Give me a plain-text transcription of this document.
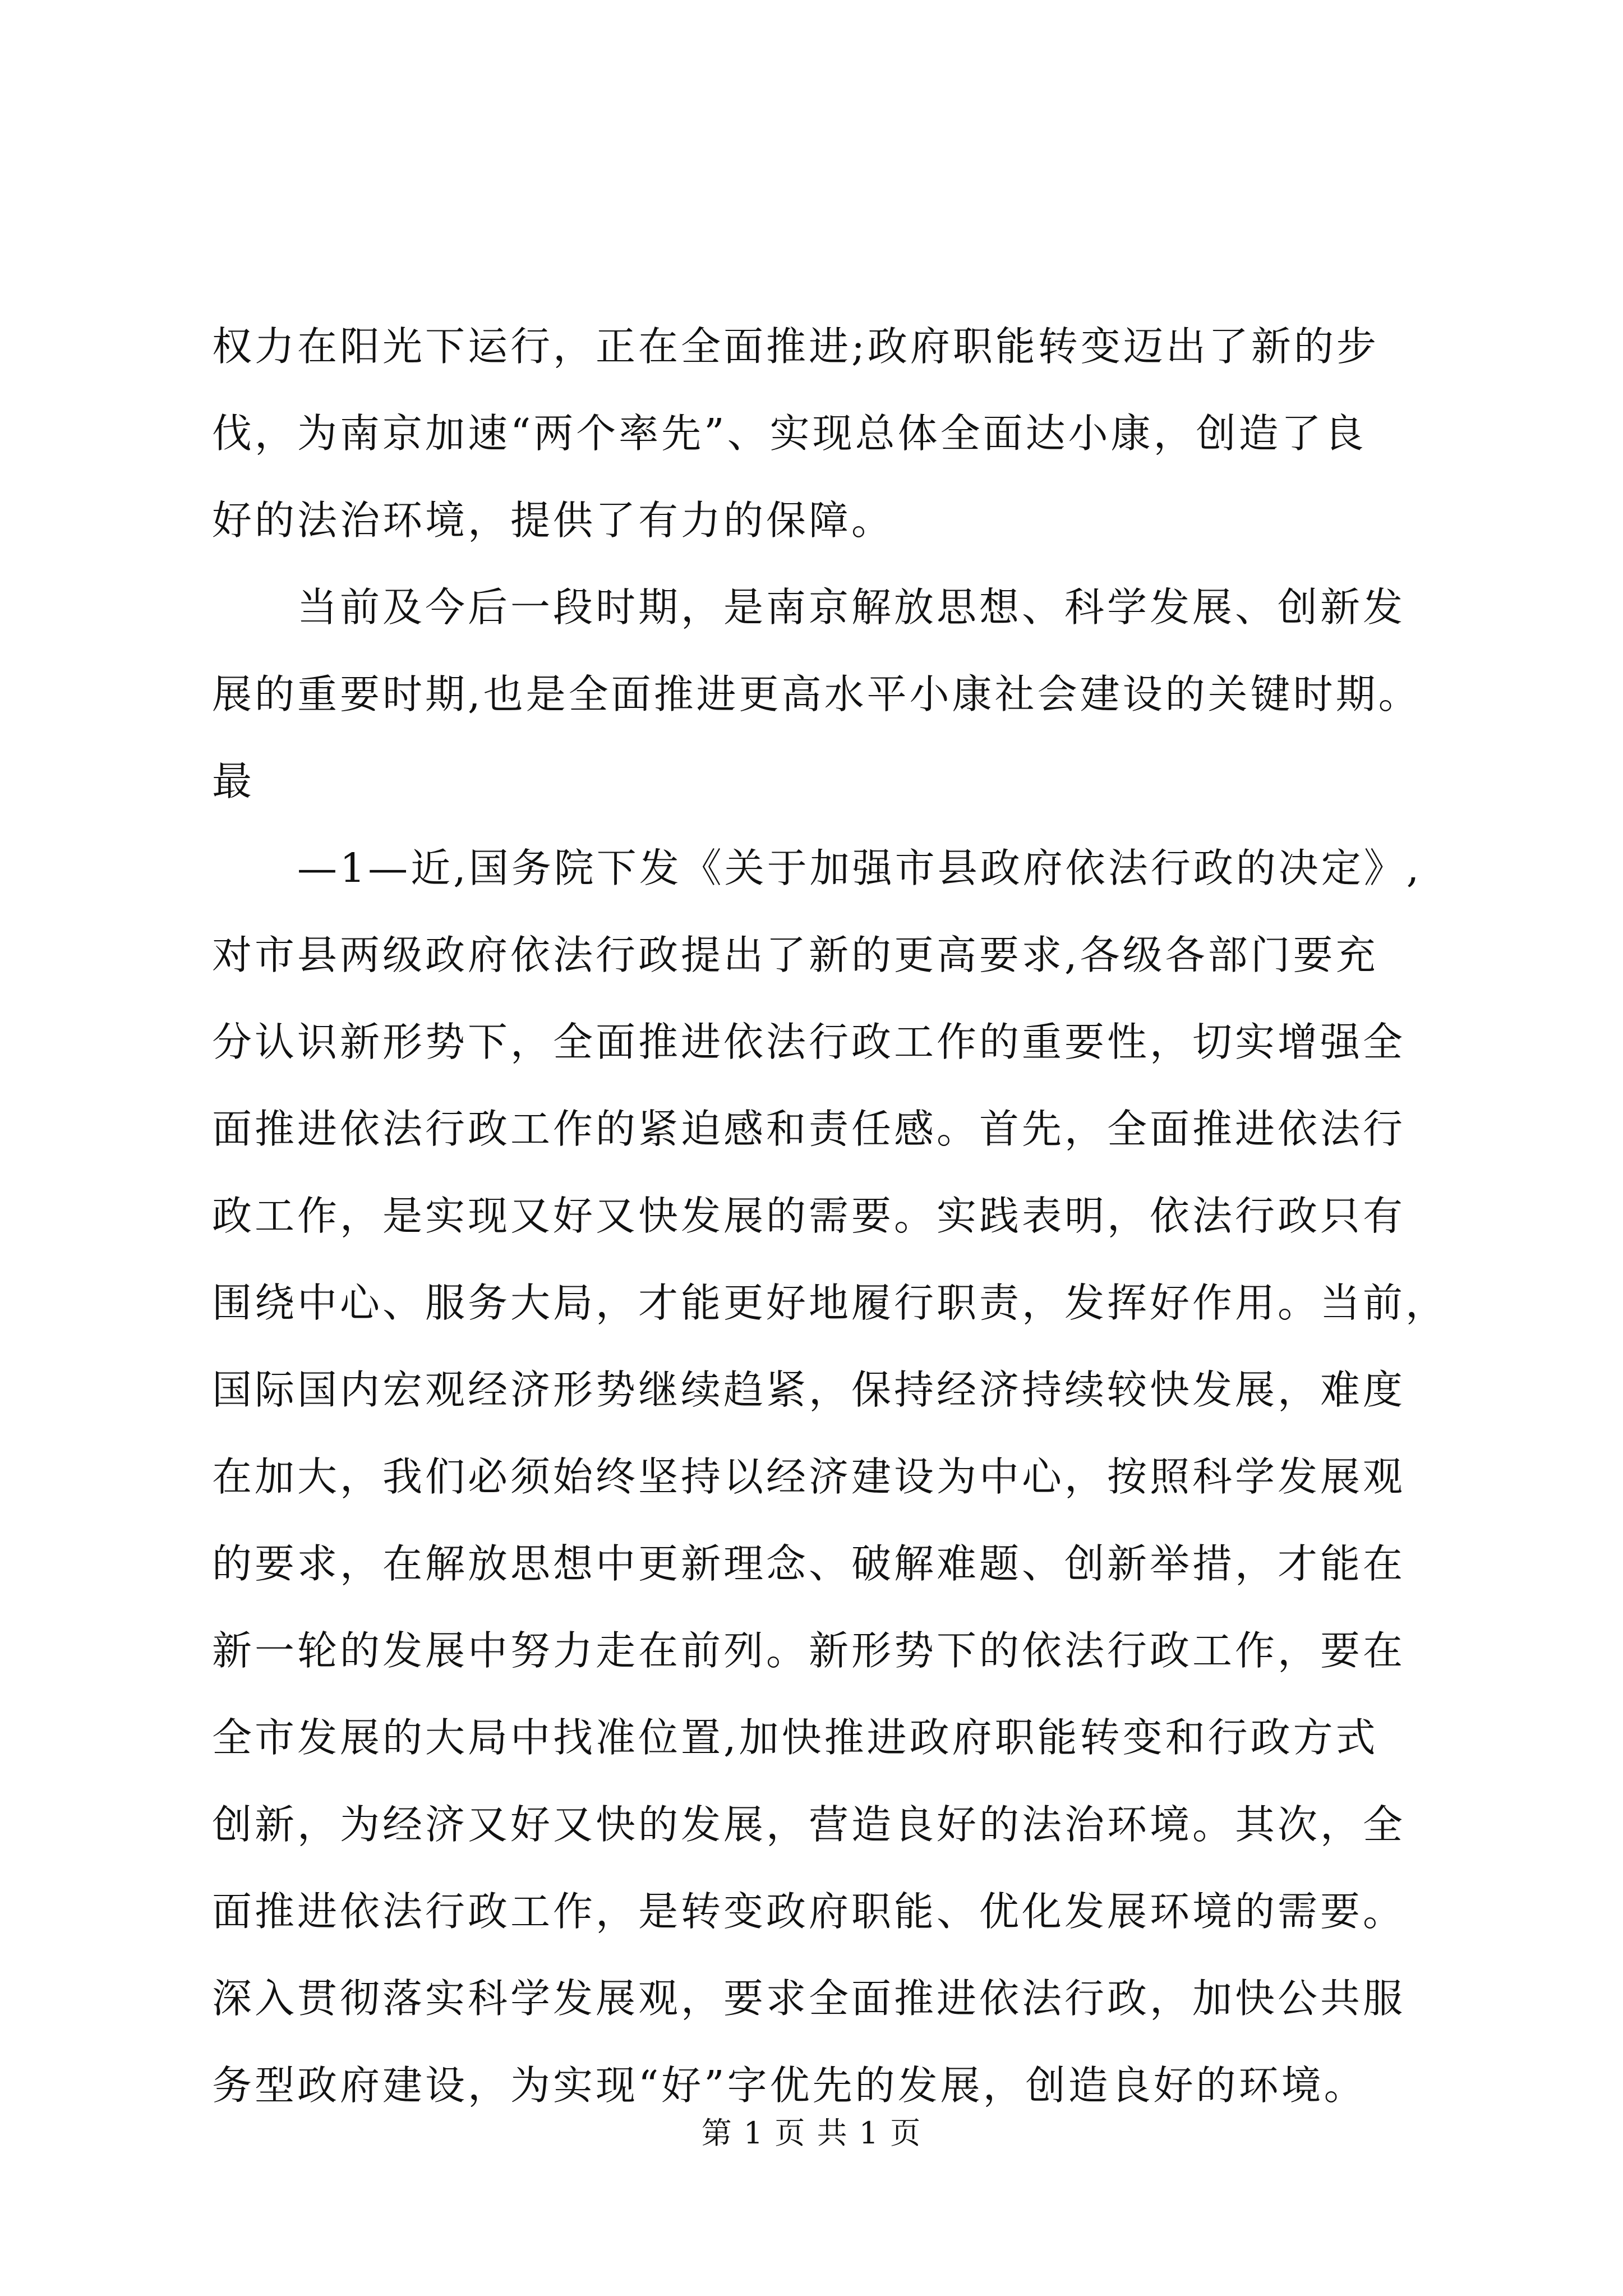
权力在阳光下运行，正在全面推进;政府职能转变迈出了新的步
伐，为南京加速“两个率先”、实现总体全面达小康，创造了良
好的法治环境，提供了有力的保障。
当前及今后一段时期，是南京解放思想、科学发展、创新发
展的重要时期,也是全面推进更高水平小康社会建设的关键时期。
最
—1—近,国务院下发《关于加强市县政府依法行政的决定》,
对市县两级政府依法行政提出了新的更高要求,各级各部门要充
分认识新形势下，全面推进依法行政工作的重要性，切实增强全
面推进依法行政工作的紧迫感和责任感。首先，全面推进依法行
政工作，是实现又好又快发展的需要。实践表明，依法行政只有
围绕中心、服务大局，才能更好地履行职责，发挥好作用。当前，
国际国内宏观经济形势继续趋紧，保持经济持续较快发展，难度
在加大，我们必须始终坚持以经济建设为中心，按照科学发展观
的要求，在解放思想中更新理念、破解难题、创新举措，才能在
新一轮的发展中努力走在前列。新形势下的依法行政工作，要在
全市发展的大局中找准位置,加快推进政府职能转变和行政方式
创新，为经济又好又快的发展，营造良好的法治环境。其次，全
面推进依法行政工作，是转变政府职能、优化发展环境的需要。
深入贯彻落实科学发展观，要求全面推进依法行政，加快公共服
务型政府建设，为实现“好”字优先的发展，创造良好的环境。
第 1 页 共 1 页
